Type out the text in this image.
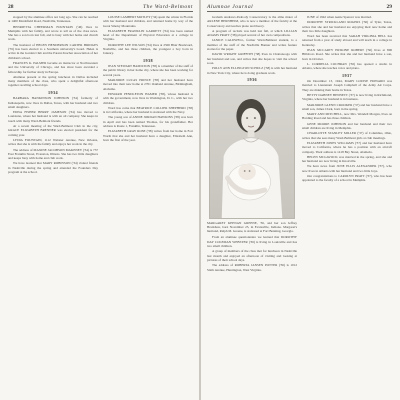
28	The Ward-Belmont

stopped by the alumnae office not long ago. She can be reached at 1400 Marshfield Road, Nashville, Tennessee.

HENRIETTA CHEERMAN FOUNTAIN ('46) lives in Memphis with her family, and wrote to tell us of the class news. She has a son born last fall, and is busy with her home and church work.

The husband of HELEN HENDERSON CARTER BRIDGES ('35) has been elected to a Southern university's board. Helen is active in the Garden Club and the Parent-Teacher Association of her children's school.

FRANCES K. PALMER became an instructor at Northwestern and the University of Chicago, and has since been awarded a fellowship for further study in Europe.

Alumnae present at the spring luncheon in Dallas included many members of the class, who spent a delightful afternoon together recalling school days.

1934

BARBARA HANKINSON JOHNSON ('34) formerly of Indianapolis, now lives in Dallas, Texas, with her husband and two small daughters.

EDNA FISHER BERRY JAMESON ('34) has moved to Louisiana, where her husband is with an oil company. She keeps in touch with many Ward-Belmont friends.

At a recent meeting of the Ward-Belmont Club in the city, GRACE ELIZABETH BRENNER was elected president for the coming year.

LYDIA FOUNTAIN, 1112 Webster Avenue, New Orleans, writes that she is with the family and enjoys her work in the city.

The address of MAXINE JACOBSON MAKENEY ('34) is 737 East Franklin Street, Evanston, Illinois. She has two little daughters and keeps busy with home and club work.

We have learned that MARY ROBINSON ('34) visited friends in Nashville during the spring and attended the Founders Day program at the school.

LOUISE LAMBERT MOTLEY ('34) spent the winter in Florida with her husband and children, and returned home by way of the Great Smoky Mountains.

ELIZABETH FRANKLIN GARRETT ('34) has been named head of the Department of Physical Education at a college in Virginia.

DOROTHY LEE WILSON ('34) lives at 2506 Blair Boulevard, Nashville, and has three children, the youngest a boy born in January.

1938

JEAN STEWART HAMILTON ('38) is a member of the staff of the public library in her home city, where she has been working for several years.

MARJORIE LUCAS PRINCE ('38) and her husband have moved into their new home at 2701 Oakland Avenue, Birmingham, Alabama.

EDWARD PENDLETON HAMER ('38), whose husband is with the government, now lives in Washington, D. C., with her two children.

Word has come that BEATRICE COLLIER SHEPHERD ('38) is in California, where her husband is stationed with the Navy.

The young son of ANNIE JORDAN HAWKINS ('38) was born in April and has been named Thomas, for his grandfather. Her address is Route 1, Franklin, Tennessee.

ELIZABETH GRAY ROSE ('38) writes from her home in Fort Worth that she and her husband have a daughter, Elizabeth Ann, born the first of the year.

Alumnae Journal	29

Graham Andrews-Peabody Conservatory is the alma mater of ARLENE BERNHEIM, who is now a member of the faculty at the Conservatory and teaches piano and theory.

A program of recitals was held last fall, at which LILLIAN ADAMS PRATT ('38) played several of her own compositions.

JANICE CALDWELL, former Ward-Belmont student, is a member of the staff of the Nashville Banner and writes feature stories for the paper.

DAVID WRIGHT GRIFFITH ('38) lives in Chattanooga with her husband and son, and writes that she hopes to visit the school soon.

POLLY ANN ELLINGTON SCHULZ ('38) is with her husband in New York City, where he is doing graduate work.

1936

MARGARET KEENAN GREENE, '36, and her son Jeffrey Bradshaw, born November 25, in Evansville, Indiana. Margaret's husband, Ralph M. Greene, is stationed at Fort Benning, Georgia.

From an alumnae questionnaire we learned that DOROTHY DAY COLEMAN WEBSTER ('36) is living in Louisville and has two small children.

A group of members of the class met for luncheon in Nashville last month and enjoyed an afternoon of visiting and looking at pictures of their school days.

The address of ROBERTA JANSEN POTTER ('36) is 1012 Sixth Avenue, Huntington, West Virginia.

JUNE of 1942 when Aenie Spencer was married.

DOROTHY STRICKLAND ROGERS ('36) of Tyler, Texas, writes that she and her husband are enjoying their new home and their two little daughters.

Word has been received that SARAH VIRGINIA BELL has returned from a year of study abroad and will teach in a college in Kentucky.

JEAN MCCARTY ERSKINE ROBERT ('36) lives at 806 Hillsboro Road. She writes that she and her husband have a son, born in October.

L. CORDELIA COCHRAN ('36) has opened a studio in Atlanta, where she teaches voice and piano.

1937

On December 13, 1944, MARY LOUISE HOWARD was married to Lieutenant Joseph Campbell of the Army Air Corps. They are making their home in Texas.

BETTY DABNEY BENNETT ('37) is now living in Richmond, Virginia, where her husband is in business.

MARJORIE GLENN CROOKER ('37) and her husband have a small son, James Clark, born in the spring.

MARY ANN MITCHELL, now Mrs. Wendell Morgan, lives on Harding Road and has three children.

GENE MOORE JOHNSON and her husband and their two small children are living in Memphis.

CHARLOTTE STANLEY MILLER ('37) of Columbus, Ohio, writes that she sees many Ward-Belmont girls at club meetings.

ELIZABETH JONES WILLIAMS ('37) and her husband have moved to California, where he has a position with an aircraft company. Their address is 1418 Bay Street, Alameda.

HELEN MCGAVOCK was married in the spring, and she and her husband are now living in Knoxville.

We have news from JUNE ELLIS ALEXANDER ('37), who now lives in Atlanta with her husband and two little boys.

Our congratulations to CAROLYN PRATT ('37), who has been appointed to the faculty of a school in Memphis.
